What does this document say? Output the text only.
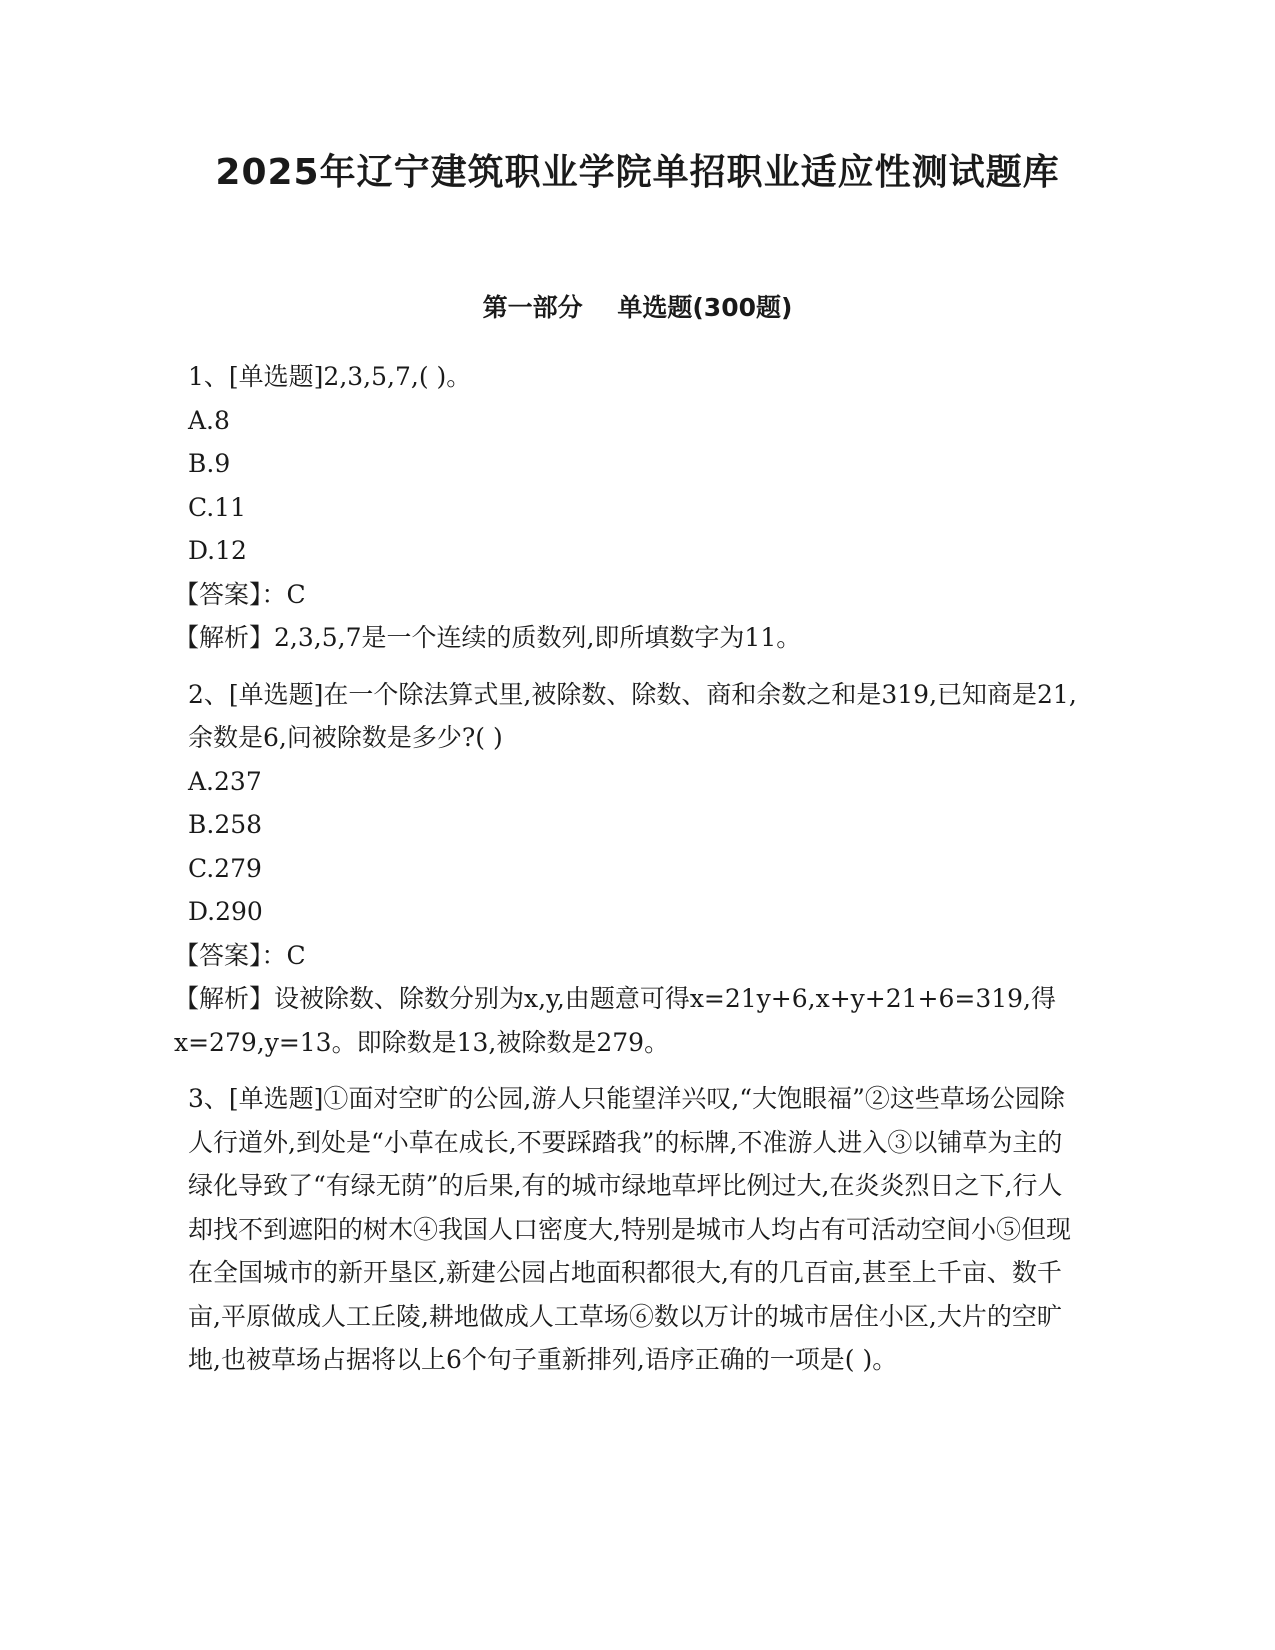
2025年辽宁建筑职业学院单招职业适应性测试题库
第一部分    单选题(300题)

1、[单选题]2,3,5,7,( )。

A.8

B.9

C.11

D.12

【答案】：C

【解析】2,3,5,7是一个连续的质数列,即所填数字为11。

2、[单选题]在一个除法算式里,被除数、除数、商和余数之和是319,已知商是21,余数是6,问被除数是多少?( )

A.237

B.258

C.279

D.290

【答案】：C

【解析】设被除数、除数分别为x,y,由题意可得x=21y+6,x+y+21+6=319,得x=279,y=13。即除数是13,被除数是279。

3、[单选题]①面对空旷的公园,游人只能望洋兴叹,“大饱眼福”②这些草场公园除人行道外,到处是“小草在成长,不要踩踏我”的标牌,不准游人进入③以铺草为主的绿化导致了“有绿无荫”的后果,有的城市绿地草坪比例过大,在炎炎烈日之下,行人却找不到遮阳的树木④我国人口密度大,特别是城市人均占有可活动空间小⑤但现在全国城市的新开垦区,新建公园占地面积都很大,有的几百亩,甚至上千亩、数千亩,平原做成人工丘陵,耕地做成人工草场⑥数以万计的城市居住小区,大片的空旷地,也被草场占据将以上6个句子重新排列,语序正确的一项是( )。
